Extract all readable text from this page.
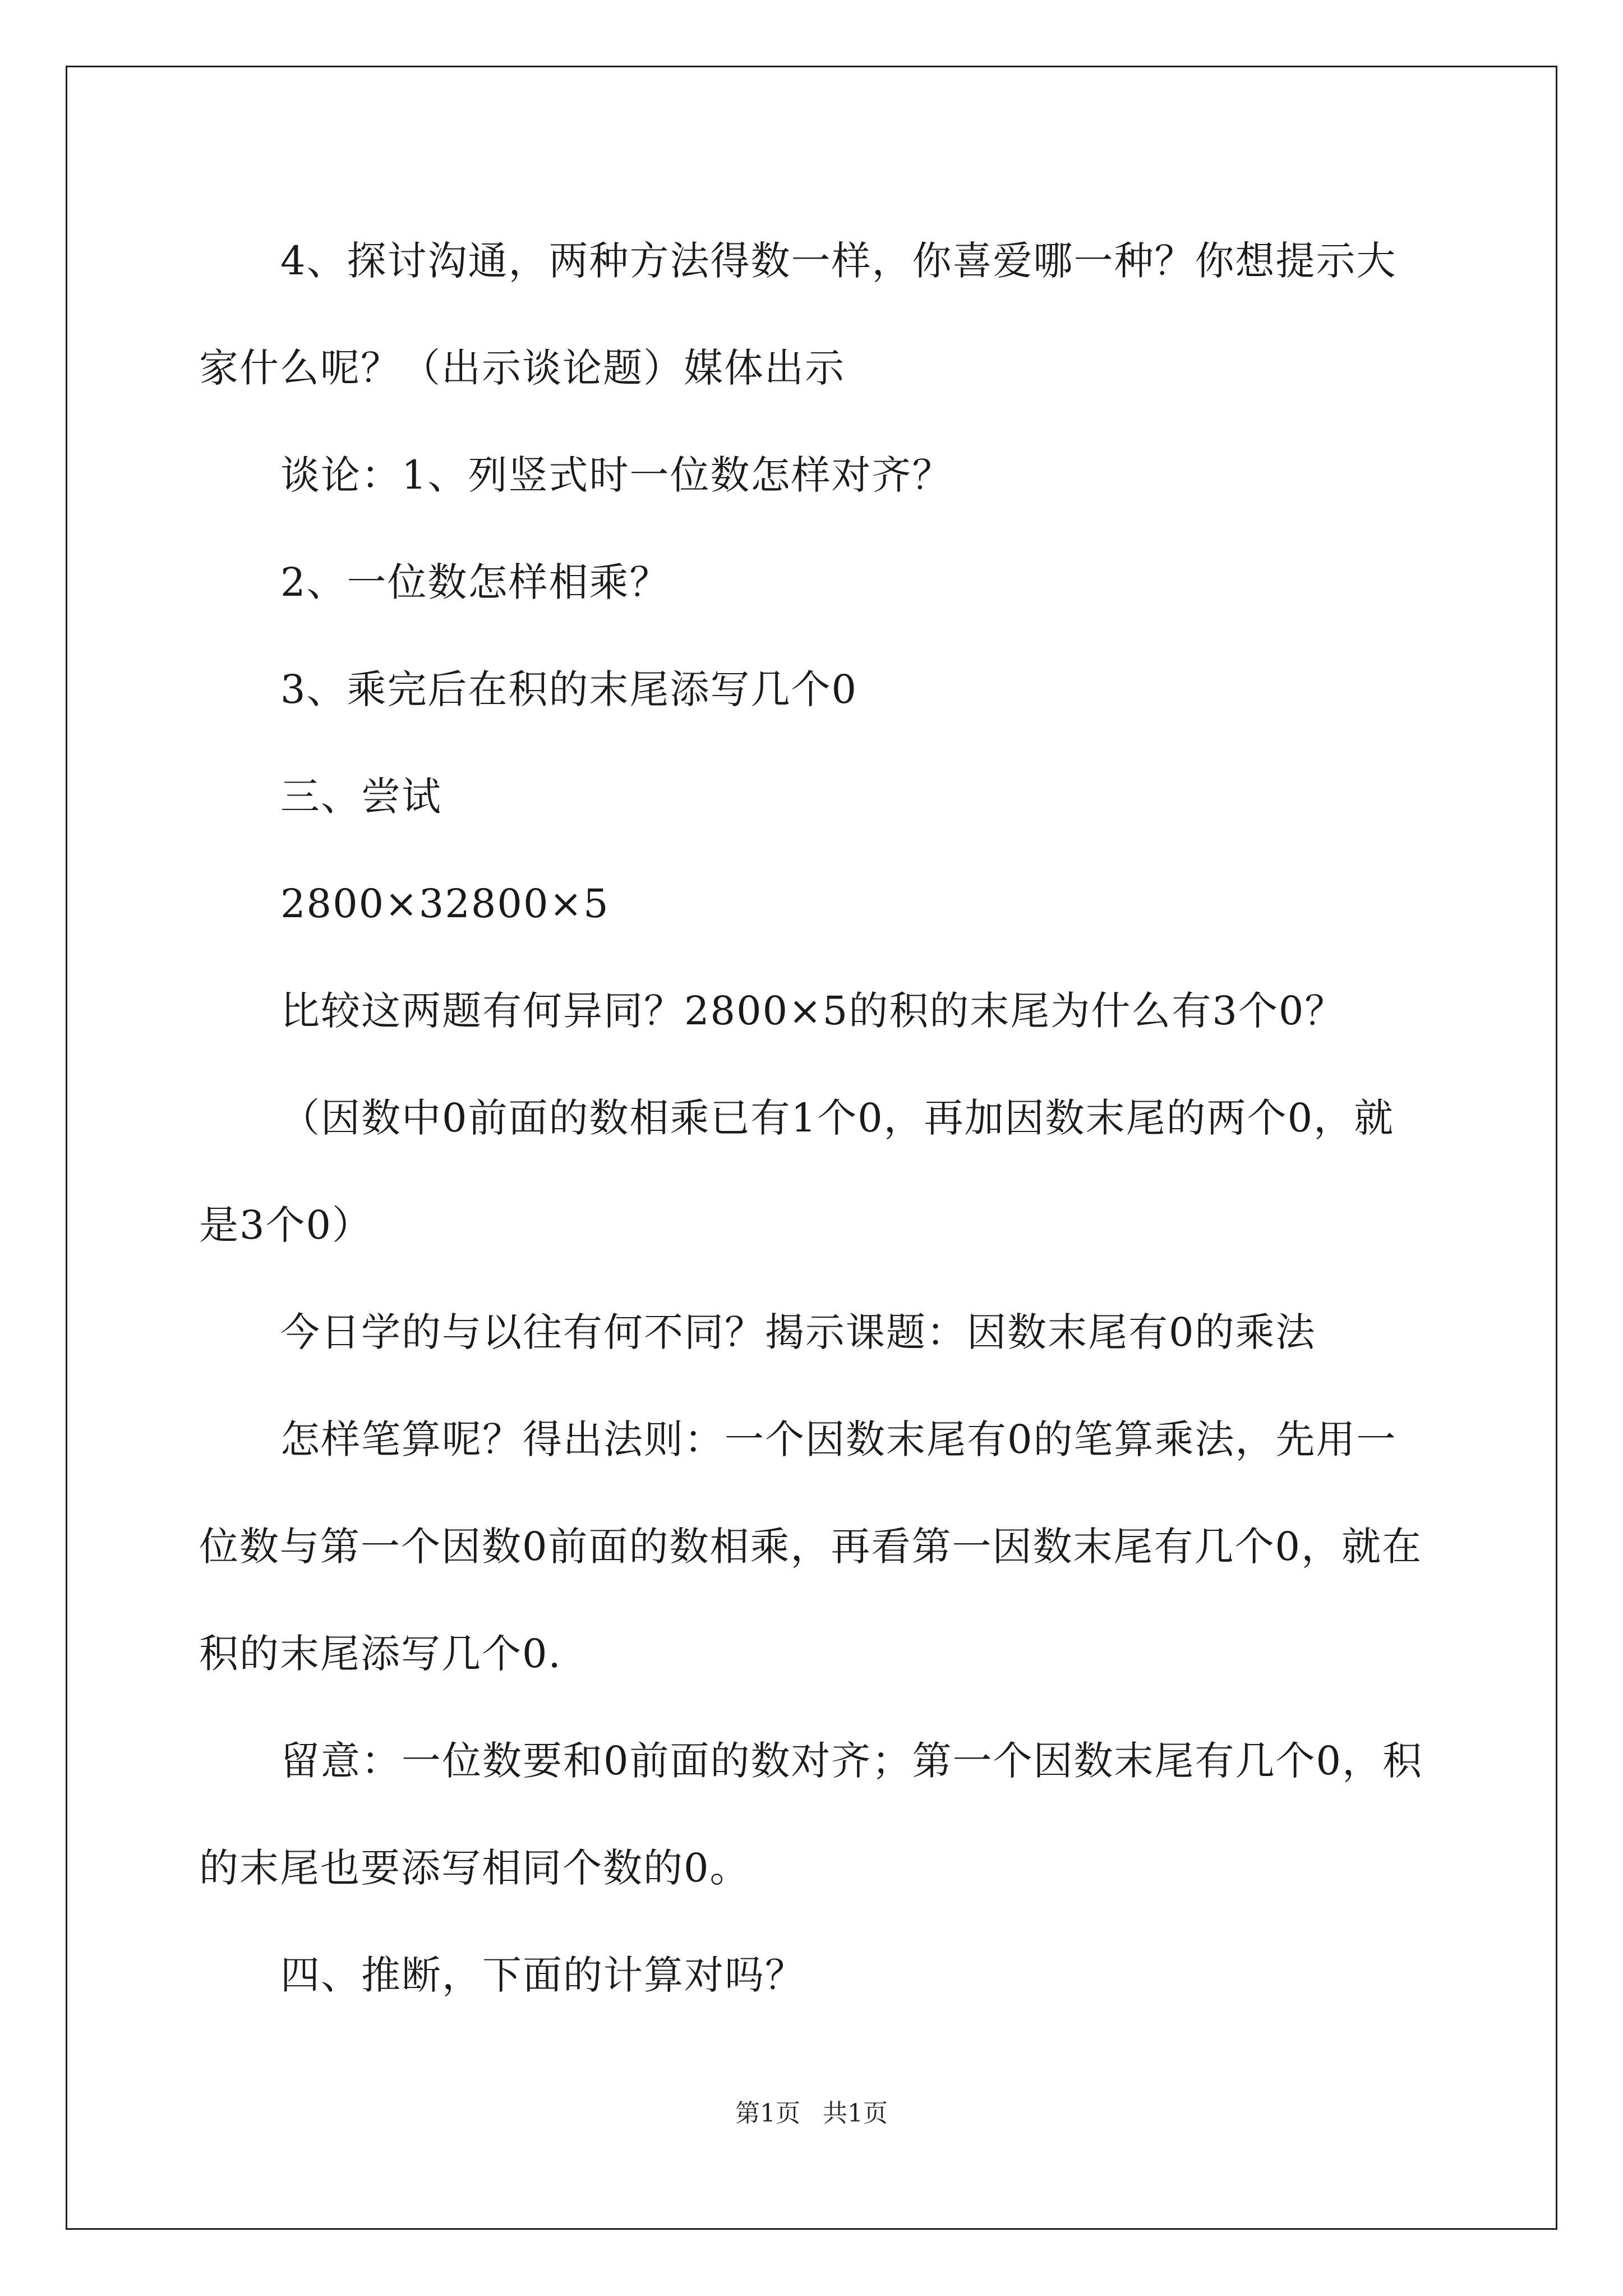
4、探讨沟通，两种方法得数一样，你喜爱哪一种？你想提示大家什么呢？（出示谈论题）媒体出示

谈论：1、列竖式时一位数怎样对齐？

2、一位数怎样相乘？

3、乘完后在积的末尾添写几个0

三、尝试

2800×32800×5

比较这两题有何异同？2800×5的积的末尾为什么有3个0？

（因数中0前面的数相乘已有1个0，再加因数末尾的两个0，就是3个0）

今日学的与以往有何不同？揭示课题：因数末尾有0的乘法

怎样笔算呢？得出法则：一个因数末尾有0的笔算乘法，先用一位数与第一个因数0前面的数相乘，再看第一因数末尾有几个0，就在积的末尾添写几个0.

留意：一位数要和0前面的数对齐；第一个因数末尾有几个0，积的末尾也要添写相同个数的0。

四、推断，下面的计算对吗？

第1页 共1页
